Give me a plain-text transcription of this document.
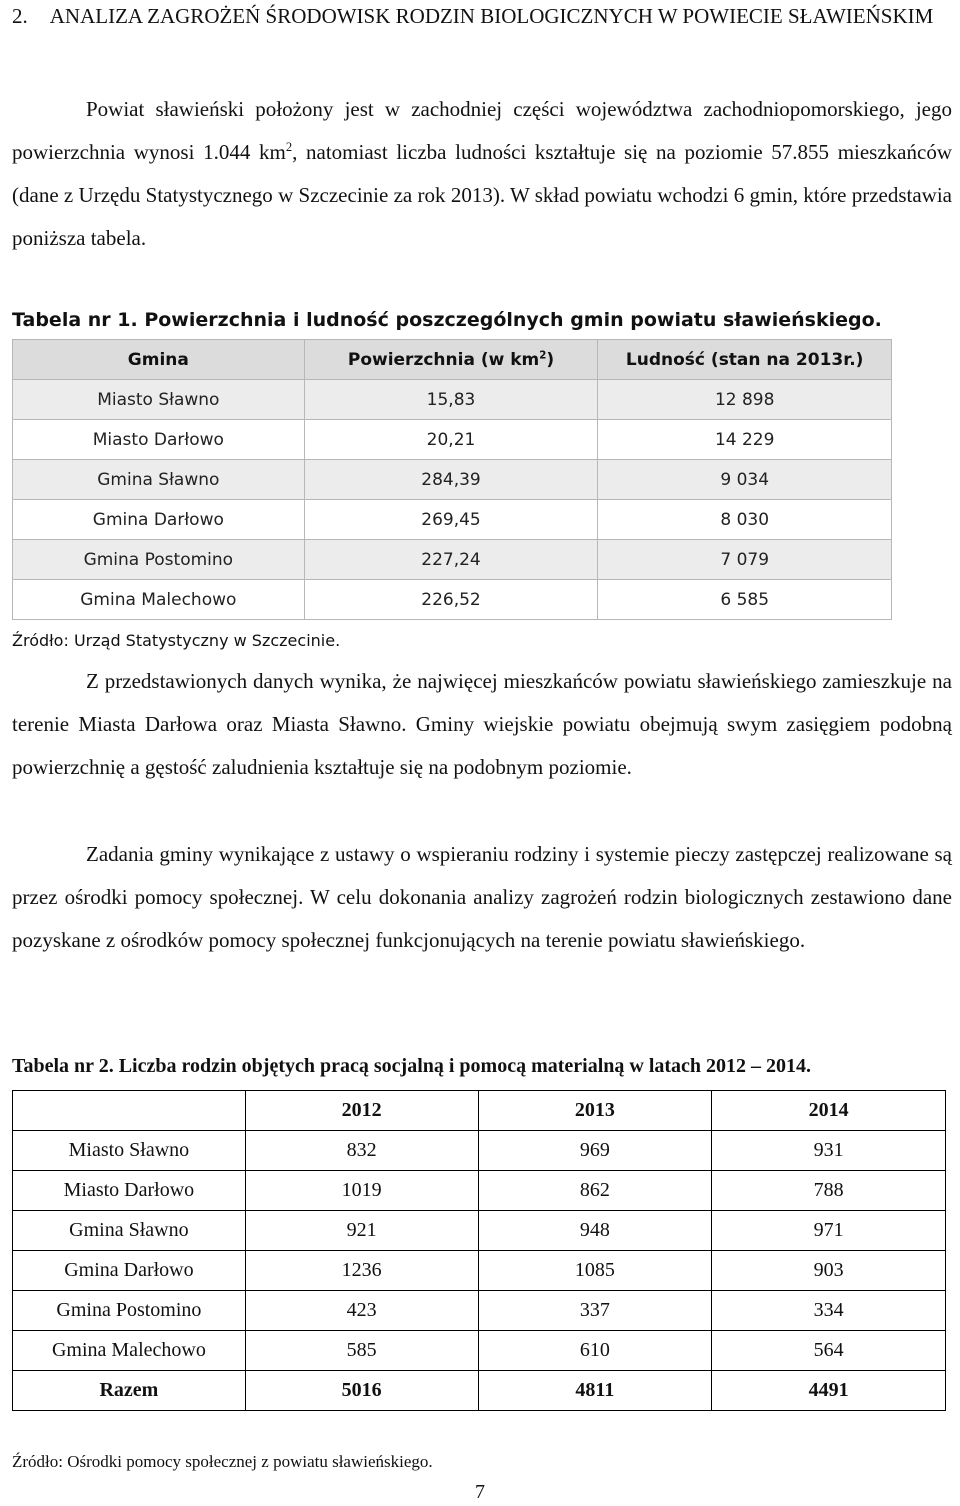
2. ANALIZA ZAGROŻEŃ ŚRODOWISK RODZIN BIOLOGICZNYCH W POWIECIE SŁAWIEŃSKIM
Powiat sławieński położony jest w zachodniej części województwa zachodniopomorskiego, jego powierzchnia wynosi 1.044 $km^2$, natomiast liczba ludności kształtuje się na poziomie 57.855 mieszkańców (dane z Urzędu Statystycznego w Szczecinie za rok 2013). W skład powiatu wchodzi 6 gmin, które przedstawia poniższa tabela.
Tabela nr 1. Powierzchnia i ludność poszczególnych gmin powiatu sławieńskiego.
Gmina	Powierzchnia (w $km^2$)	Ludność (stan na 2013r.)
Miasto Sławno	15,83	12 898
Miasto Darłowo	20,21	14 229
Gmina Sławno	284,39	9 034
Gmina Darłowo	269,45	8 030
Gmina Postomino	227,24	7 079
Gmina Malechowo	226,52	6 585
Źródło: Urząd Statystyczny w Szczecinie.
Z przedstawionych danych wynika, że najwięcej mieszkańców powiatu sławieńskiego zamieszkuje na terenie Miasta Darłowa oraz Miasta Sławno. Gminy wiejskie powiatu obejmują swym zasięgiem podobną powierzchnię a gęstość zaludnienia kształtuje się na podobnym poziomie.
Zadania gminy wynikające z ustawy o wspieraniu rodziny i systemie pieczy zastępczej realizowane są przez ośrodki pomocy społecznej. W celu dokonania analizy zagrożeń rodzin biologicznych zestawiono dane pozyskane z ośrodków pomocy społecznej funkcjonujących na terenie powiatu sławieńskiego.
Tabela nr 2. Liczba rodzin objętych pracą socjalną i pomocą materialną w latach 2012 – 2014.
	2012	2013	2014
Miasto Sławno	832	969	931
Miasto Darłowo	1019	862	788
Gmina Sławno	921	948	971
Gmina Darłowo	1236	1085	903
Gmina Postomino	423	337	334
Gmina Malechowo	585	610	564
Razem	5016	4811	4491
Źródło: Ośrodki pomocy społecznej z powiatu sławieńskiego.
7
